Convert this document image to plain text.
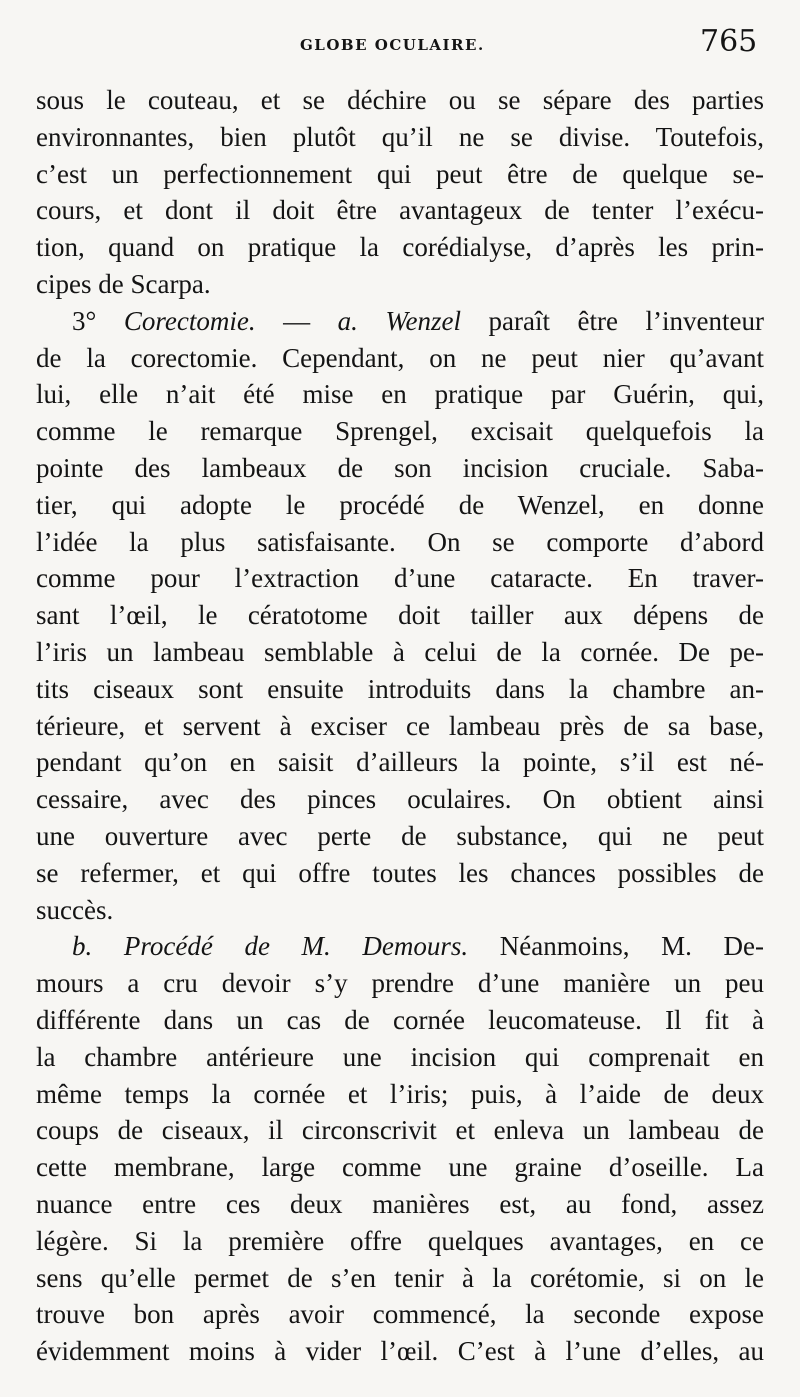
GLOBE OCULAIRE.	765
sous le couteau, et se déchire ou se sépare des parties
environnantes, bien plutôt qu’il ne se divise. Toutefois,
c’est un perfectionnement qui peut être de quelque se-
cours, et dont il doit être avantageux de tenter l’exécu-
tion, quand on pratique la corédialyse, d’après les prin-
cipes de Scarpa.
3° Corectomie. — a. Wenzel paraît être l’inventeur
de la corectomie. Cependant, on ne peut nier qu’avant
lui, elle n’ait été mise en pratique par Guérin, qui,
comme le remarque Sprengel, excisait quelquefois la
pointe des lambeaux de son incision cruciale. Saba-
tier, qui adopte le procédé de Wenzel, en donne
l’idée la plus satisfaisante. On se comporte d’abord
comme pour l’extraction d’une cataracte. En traver-
sant l’œil, le cératotome doit tailler aux dépens de
l’iris un lambeau semblable à celui de la cornée. De pe-
tits ciseaux sont ensuite introduits dans la chambre an-
térieure, et servent à exciser ce lambeau près de sa base,
pendant qu’on en saisit d’ailleurs la pointe, s’il est né-
cessaire, avec des pinces oculaires. On obtient ainsi
une ouverture avec perte de substance, qui ne peut
se refermer, et qui offre toutes les chances possibles de
succès.
b. Procédé de M. Demours. Néanmoins, M. De-
mours a cru devoir s’y prendre d’une manière un peu
différente dans un cas de cornée leucomateuse. Il fit à
la chambre antérieure une incision qui comprenait en
même temps la cornée et l’iris; puis, à l’aide de deux
coups de ciseaux, il circonscrivit et enleva un lambeau de
cette membrane, large comme une graine d’oseille. La
nuance entre ces deux manières est, au fond, assez
légère. Si la première offre quelques avantages, en ce
sens qu’elle permet de s’en tenir à la corétomie, si on le
trouve bon après avoir commencé, la seconde expose
évidemment moins à vider l’œil. C’est à l’une d’elles, au
